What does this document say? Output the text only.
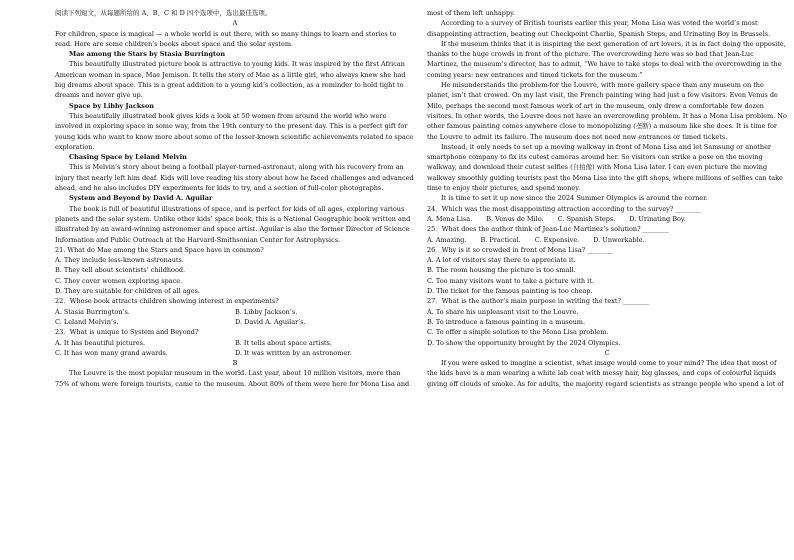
阅读下列短文，从每题所给的 A、B、C 和 D 四个选项中，选出最佳选项。

A

For children, space is magical — a whole world is out there, with so many things to learn and stories to read. Here are some children’s books about space and the solar system.

Mae among the Stars by Stasia Burrington

This beautifully illustrated picture book is attractive to young kids. It was inspired by the first African American woman in space, Mae Jemison. It tells the story of Mae as a little girl, who always knew she had big dreams about space. This is a great addition to a young kid’s collection, as a reminder to hold tight to dreams and never give up.

Space by Libby Jackson

This beautifully illustrated book gives kids a look at 50 women from around the world who were involved in exploring space in some way, from the 19th century to the present day. This is a perfect gift for young kids who want to know more about some of the lesser-known scientific achievements related to space exploration.

Chasing Space by Leland Melvin

This is Melvin’s story about being a football player-turned-astronaut, along with his recovery from an injury that nearly left him deaf. Kids will love reading his story about how he faced challenges and advanced ahead, and he also includes DIY experiments for kids to try, and a section of full-color photographs.

System and Beyond by David A. Aguilar

The book is full of beautiful illustrations of space, and is perfect for kids of all ages, exploring various planets and the solar system. Unlike other kids’ space book, this is a National Geographic book written and illustrated by an award-winning astronomer and space artist. Aguilar is also the former Director of Science Information and Public Outreach at the Harvard-Smithsonian Center for Astrophysics.

21. What do Mae among the Stars and Space have in common?

A. They include less-known astronauts.

B. They tell about scientists’ childhood.

C. They cover women exploring space.

D. They are suitable for children of all ages.

22．Whose book attracts children showing interest in experiments?

A. Stasia Burrington’s.	B. Libby Jackson’s.
C. Leland Melvin’s.	D. David A. Aguilar’s.

23．What is unique to System and Beyond?

A. It has beautiful pictures.	B. It tells about space artists.
C. It has won many grand awards.	D. It was written by an astronomer.

B

The Louvre is the most popular museum in the world. Last year, about 10 million visitors, more than 75% of whom were foreign tourists, came to the museum. About 80% of them were here for Mona Lisa and

most of them left unhappy.

According to a survey of British tourists earlier this year, Mona Lisa was voted the world’s most disappointing attraction, beating out Checkpoint Charlie, Spanish Steps, and Urinating Boy in Brussels.

If the museum thinks that it is inspiring the next generation of art lovers, it is in fact doing the opposite, thanks to the huge crowds in front of the picture. The overcrowding here was so bad that Jean-Luc Martinez, the museum’s director, has to admit, “We have to take steps to deal with the overcrowding in the coming years: new entrances and timed tickets for the museum.”

He misunderstands the problem-for the Louvre, with more gallery space than any museum on the planet, isn’t that crowed. On my last visit, the French painting wing had just a few visitors. Even Venus de Milo, perhaps the second most famous work of art in the museum, only drew a comfortable few dozen visitors. In other words, the Louvre does not have an overcrowding problem. It has a Mona Lisa problem. No other famous painting comes anywhere close to monopolizing (垄断) a museum like she does. It is time for the Louvre to admit its failure. The museum does not need new entrances or timed tickets.

Instead, it only needs to set up a moving walkway in front of Mona Lisa and let Samsung or another smartphone company to fix its cutest cameras around her. So visitors can strike a pose on the moving walkway, and download their cutest selfies (自拍像) with Mona Lisa later. I can even picture the moving walkway smoothly guiding tourists past the Mona Lisa into the gift shops, where millions of selfies can take time to enjoy their pictures, and spend money.

It is time to set it up now since the 2024 Summer Olympics is around the corner.

24．Which was the most disappointing attraction according to the survey? ________

A. Mona Lisa. B. Venus de Milo. C. Spanish Steps. D. Urinating Boy.

25．What does the author think of Jean-Luc Martinez’s solution? ________

A. Amazing. B. Practical. C. Expensive. D. Unworkable.

26．Why is it so crowded in front of Mona Lisa? ________

A. A lot of visitors stay there to appreciate it.

B. The room housing the picture is too small.

C. Too many visitors want to take a picture with it.

D. The ticket for the famous painting is too cheap.

27．What is the author’s main purpose in writing the text? ________

A. To share his unpleasant visit to the Louvre.

B. To introduce a famous painting in a museum.

C. To offer a simple solution to the Mona Lisa problem.

D. To show the opportunity brought by the 2024 Olympics.

C

If you were asked to imagine a scientist, what image would come to your mind? The idea that most of the kids have is a man wearing a white lab coat with messy hair, big glasses, and cups of colourful liquids giving off clouds of smoke. As for adults, the majority regard scientists as strange people who spend a lot of
